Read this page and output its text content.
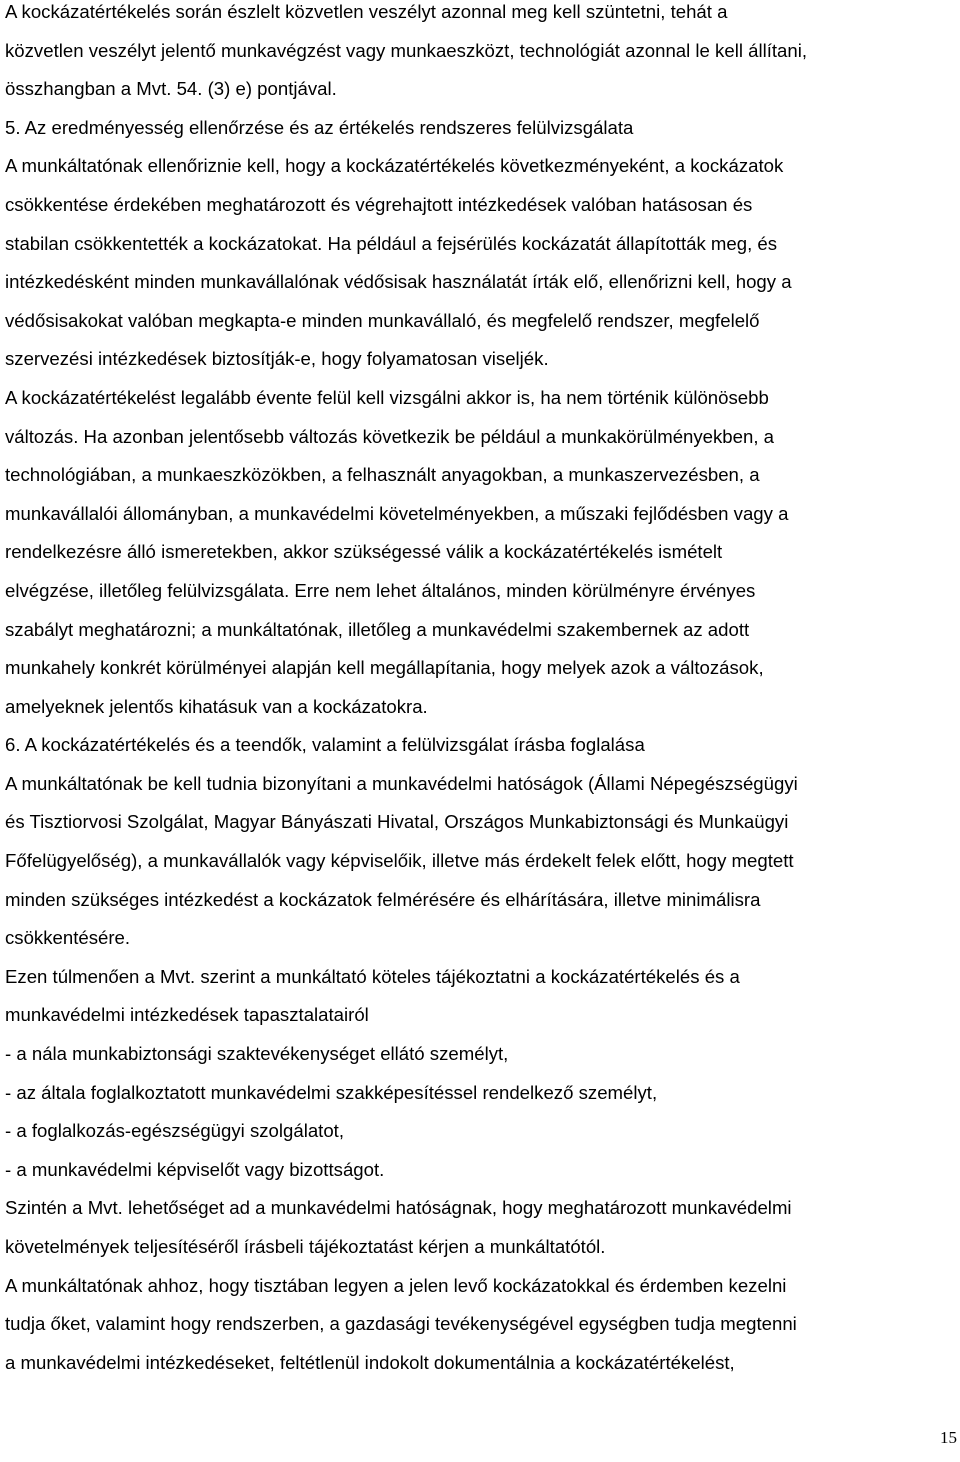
A kockázatértékelés során észlelt közvetlen veszélyt azonnal meg kell szüntetni, tehát a
közvetlen veszélyt jelentő munkavégzést vagy munkaeszközt, technológiát azonnal le kell állítani,
összhangban a Mvt. 54. (3) e) pontjával.
5. Az eredményesség ellenőrzése és az értékelés rendszeres felülvizsgálata
A munkáltatónak ellenőriznie kell, hogy a kockázatértékelés következményeként, a kockázatok
csökkentése érdekében meghatározott és végrehajtott intézkedések valóban hatásosan és
stabilan csökkentették a kockázatokat. Ha például a fejsérülés kockázatát állapították meg, és
intézkedésként minden munkavállalónak védősisak használatát írták elő, ellenőrizni kell, hogy a
védősisakokat valóban megkapta-e minden munkavállaló, és megfelelő rendszer, megfelelő
szervezési intézkedések biztosítják-e, hogy folyamatosan viseljék.
A kockázatértékelést legalább évente felül kell vizsgálni akkor is, ha nem történik különösebb
változás. Ha azonban jelentősebb változás következik be például a munkakörülményekben, a
technológiában, a munkaeszközökben, a felhasznált anyagokban, a munkaszervezésben, a
munkavállalói állományban, a munkavédelmi követelményekben, a műszaki fejlődésben vagy a
rendelkezésre álló ismeretekben, akkor szükségessé válik a kockázatértékelés ismételt
elvégzése, illetőleg felülvizsgálata. Erre nem lehet általános, minden körülményre érvényes
szabályt meghatározni; a munkáltatónak, illetőleg a munkavédelmi szakembernek az adott
munkahely konkrét körülményei alapján kell megállapítania, hogy melyek azok a változások,
amelyeknek jelentős kihatásuk van a kockázatokra.
6. A kockázatértékelés és a teendők, valamint a felülvizsgálat írásba foglalása
A munkáltatónak be kell tudnia bizonyítani a munkavédelmi hatóságok (Állami Népegészségügyi
és Tisztiorvosi Szolgálat, Magyar Bányászati Hivatal, Országos Munkabiztonsági és Munkaügyi
Főfelügyelőség), a munkavállalók vagy képviselőik, illetve más érdekelt felek előtt, hogy megtett
minden szükséges intézkedést a kockázatok felmérésére és elhárítására, illetve minimálisra
csökkentésére.
Ezen túlmenően a Mvt. szerint a munkáltató köteles tájékoztatni a kockázatértékelés és a
munkavédelmi intézkedések tapasztalatairól
- a nála munkabiztonsági szaktevékenységet ellátó személyt,
- az általa foglalkoztatott munkavédelmi szakképesítéssel rendelkező személyt,
- a foglalkozás-egészségügyi szolgálatot,
- a munkavédelmi képviselőt vagy bizottságot.
Szintén a Mvt. lehetőséget ad a munkavédelmi hatóságnak, hogy meghatározott munkavédelmi
követelmények teljesítéséről írásbeli tájékoztatást kérjen a munkáltatótól.
A munkáltatónak ahhoz, hogy tisztában legyen a jelen levő kockázatokkal és érdemben kezelni
tudja őket, valamint hogy rendszerben, a gazdasági tevékenységével egységben tudja megtenni
a munkavédelmi intézkedéseket, feltétlenül indokolt dokumentálnia a kockázatértékelést,
15
